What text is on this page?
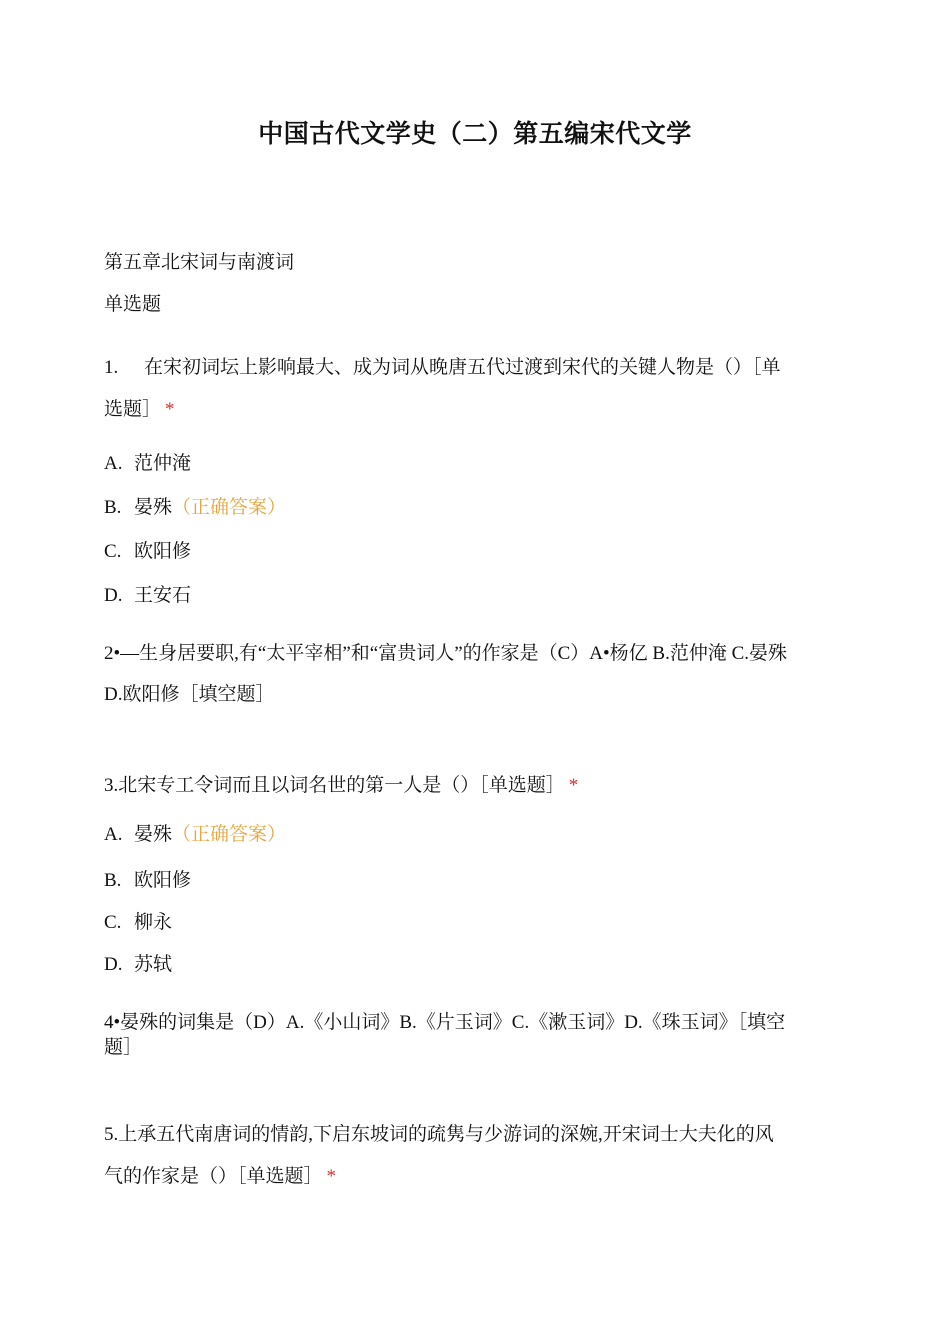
中国古代文学史（二）第五编宋代文学
第五章北宋词与南渡词
单选题
1. 在宋初词坛上影响最大、成为词从晚唐五代过渡到宋代的关键人物是（）［单
选题］ *
A. 范仲淹
B. 晏殊（正确答案）
C. 欧阳修
D. 王安石
2•—生身居要职,有“太平宰相”和“富贵词人”的作家是（C）A•杨亿 B.范仲淹 C.晏殊
D.欧阳修［填空题］
3.北宋专工令词而且以词名世的第一人是（）［单选题］ *
A. 晏殊（正确答案）
B. 欧阳修
C. 柳永
D. 苏轼
4•晏殊的词集是（D）A.《小山词》B.《片玉词》C.《漱玉词》D.《珠玉词》［填空
题］
5.上承五代南唐词的情韵,下启东坡词的疏隽与少游词的深婉,开宋词士大夫化的风
气的作家是（）［单选题］ *
